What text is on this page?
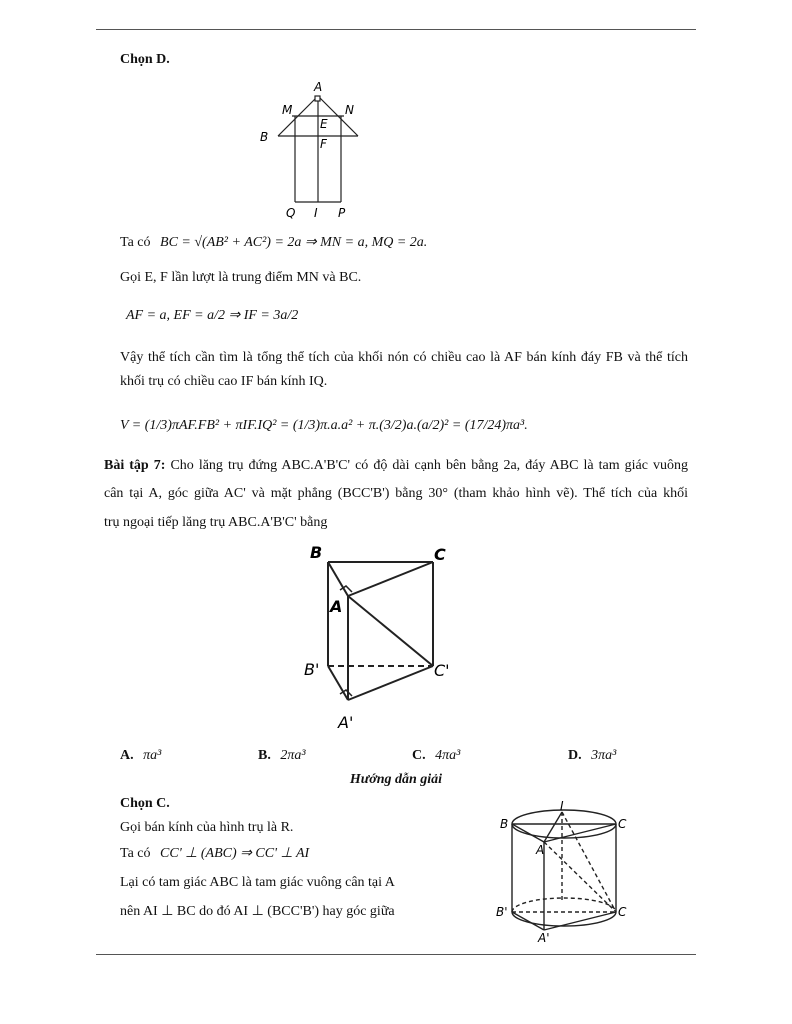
Chọn D.
A
M	N
E
B	F
Q I P
Ta có BC = √(AB² + AC²) = 2a ⇒ MN = a, MQ = 2a.
Gọi E, F lần lượt là trung điểm MN và BC.
AF = a, EF = a/2 ⇒ IF = 3a/2
Vậy thể tích cần tìm là tổng thể tích của khối nón có chiều cao là AF bán kính đáy FB và thể tích
khối trụ có chiều cao IF bán kính IQ.
V = (1/3)πAF.FB² + πIF.IQ² = (1/3)π.a.a² + π.(3/2)a.(a/2)² = (17/24)πa³.
Bài tập 7: Cho lăng trụ đứng ABC.A'B'C' có độ dài cạnh bên bằng 2a, đáy ABC là tam giác vuông
cân tại A, góc giữa AC' và mặt phẳng (BCC'B') bằng 30° (tham khảo hình vẽ). Thể tích của khối
trụ ngoại tiếp lăng trụ ABC.A'B'C' bằng
B	C
A
B'	C'
A'
A. πa³	B. 2πa³	C. 4πa³	D. 3πa³
Hướng dẫn giải
Chọn C.
Gọi bán kính của hình trụ là R.
Ta có CC' ⊥ (ABC) ⇒ CC' ⊥ AI
Lại có tam giác ABC là tam giác vuông cân tại A
nên AI ⊥ BC do đó AI ⊥ (BCC'B') hay góc giữa
B
I
C
A
B'	C
A'
